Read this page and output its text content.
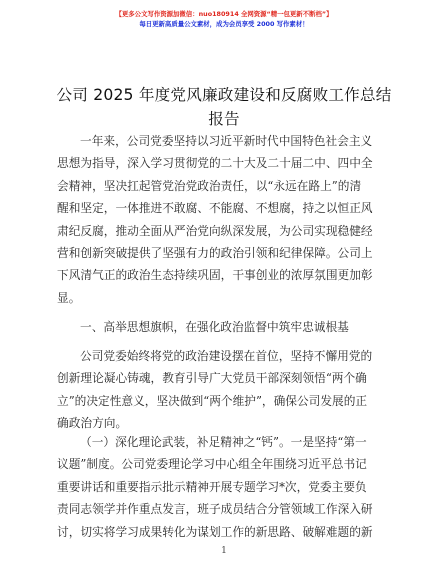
【更多公文写作资源加微信：nuo180914 全网资源“精一包更新不断档”】
每日更新高质量公文素材，成为会员享受 2000 写作素材！
公司 2025 年度党风廉政建设和反腐败工作总结
报告
一年来，公司党委坚持以习近平新时代中国特色社会主义
思想为指导，深入学习贯彻党的二十大及二十届二中、四中全
会精神，坚决扛起管党治党政治责任，以“永远在路上”的清
醒和坚定，一体推进不敢腐、不能腐、不想腐，持之以恒正风
肃纪反腐，推动全面从严治党向纵深发展，为公司实现稳健经
营和创新突破提供了坚强有力的政治引领和纪律保障。公司上
下风清气正的政治生态持续巩固，干事创业的浓厚氛围更加彰
显。
一、高举思想旗帜，在强化政治监督中筑牢忠诚根基
公司党委始终将党的政治建设摆在首位，坚持不懈用党的
创新理论凝心铸魂，教育引导广大党员干部深刻领悟“两个确
立”的决定性意义，坚决做到“两个维护”，确保公司发展的正
确政治方向。
（一）深化理论武装，补足精神之“钙”。一是坚持“第一
议题”制度。公司党委理论学习中心组全年围绕习近平总书记
重要讲话和重要指示批示精神开展专题学习*次，党委主要负
责同志领学并作重点发言，班子成员结合分管领域工作深入研
讨，切实将学习成果转化为谋划工作的新思路、破解难题的新
1
